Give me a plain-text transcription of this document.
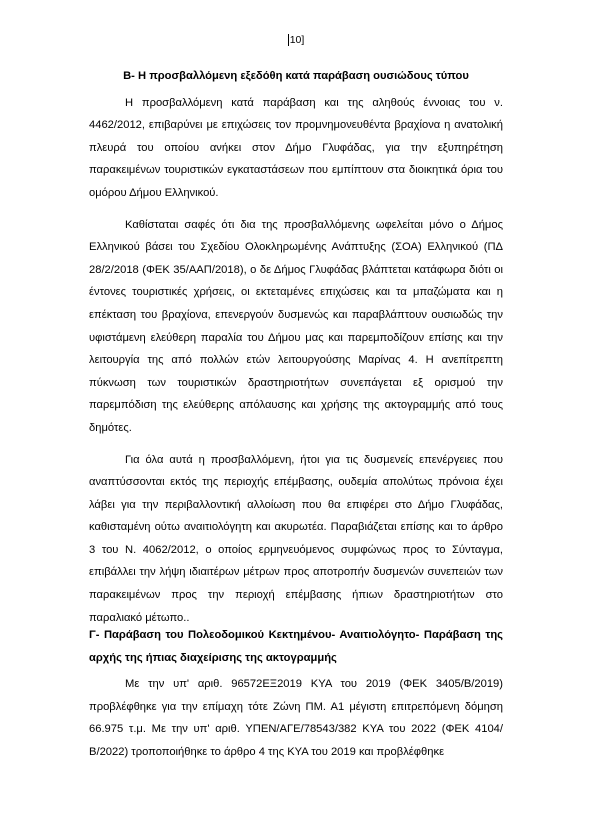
10]

Β- Η προσβαλλόμενη εξεδόθη κατά παράβαση ουσιώδους τύπου

Η προσβαλλόμενη κατά παράβαση και της αληθούς έννοιας του ν. 4462/2012, επιβαρύνει με επιχώσεις τον προμνημονευθέντα βραχίονα η ανατολική πλευρά του οποίου ανήκει στον Δήμο Γλυφάδας, για την εξυπηρέτηση παρακειμένων τουριστικών εγκαταστάσεων που εμπίπτουν στα διοικητικά όρια του ομόρου Δήμου Ελληνικού.

Καθίσταται σαφές ότι δια της προσβαλλόμενης ωφελείται μόνο ο Δήμος Ελληνικού βάσει του Σχεδίου Ολοκληρωμένης Ανάπτυξης (ΣΟΑ) Ελληνικού (ΠΔ 28/2/2018 (ΦΕΚ 35/ΑΑΠ/2018), ο δε Δήμος Γλυφάδας βλάπτεται κατάφωρα διότι οι έντονες τουριστικές χρήσεις, οι εκτεταμένες επιχώσεις και τα μπαζώματα και η επέκταση του βραχίονα, επενεργούν δυσμενώς και παραβλάπτουν ουσιωδώς την υφιστάμενη ελεύθερη παραλία του Δήμου μας και παρεμποδίζουν επίσης και την λειτουργία της από πολλών ετών λειτουργούσης Μαρίνας 4. Η ανεπίτρεπτη πύκνωση των τουριστικών δραστηριοτήτων συνεπάγεται εξ ορισμού την παρεμπόδιση της ελεύθερης απόλαυσης και χρήσης της ακτογραμμής από τους δημότες.

Για όλα αυτά η προσβαλλόμενη, ήτοι για τις δυσμενείς επενέργειες που αναπτύσσονται εκτός της περιοχής επέμβασης, ουδεμία απολύτως πρόνοια έχει λάβει για την περιβαλλοντική αλλοίωση που θα επιφέρει στο Δήμο Γλυφάδας, καθισταμένη ούτω αναιτιολόγητη και ακυρωτέα. Παραβιάζεται επίσης και το άρθρο 3 του Ν. 4062/2012, ο οποίος ερμηνευόμενος συμφώνως προς το Σύνταγμα, επιβάλλει την λήψη ιδιαιτέρων μέτρων προς αποτροπήν δυσμενών συνεπειών των παρακειμένων προς την περιοχή επέμβασης ήπιων δραστηριοτήτων στο παραλιακό μέτωπο..

Γ- Παράβαση του Πολεοδομικού Κεκτημένου- Αναιτιολόγητο- Παράβαση της αρχής της ήπιας διαχείρισης της ακτογραμμής

Με την υπ' αριθ. 96572ΕΞ2019 ΚΥΑ του 2019 (ΦΕΚ 3405/Β/2019) προβλέφθηκε για την επίμαχη τότε Ζώνη ΠΜ. Α1 μέγιστη επιτρεπόμενη δόμηση 66.975 τ.μ. Με την υπ' αριθ. ΥΠΕΝ/ΑΓΕ/78543/382 ΚΥΑ του 2022 (ΦΕΚ 4104/Β/2022) τροποποιήθηκε το άρθρο 4 της ΚΥΑ του 2019 και προβλέφθηκε
